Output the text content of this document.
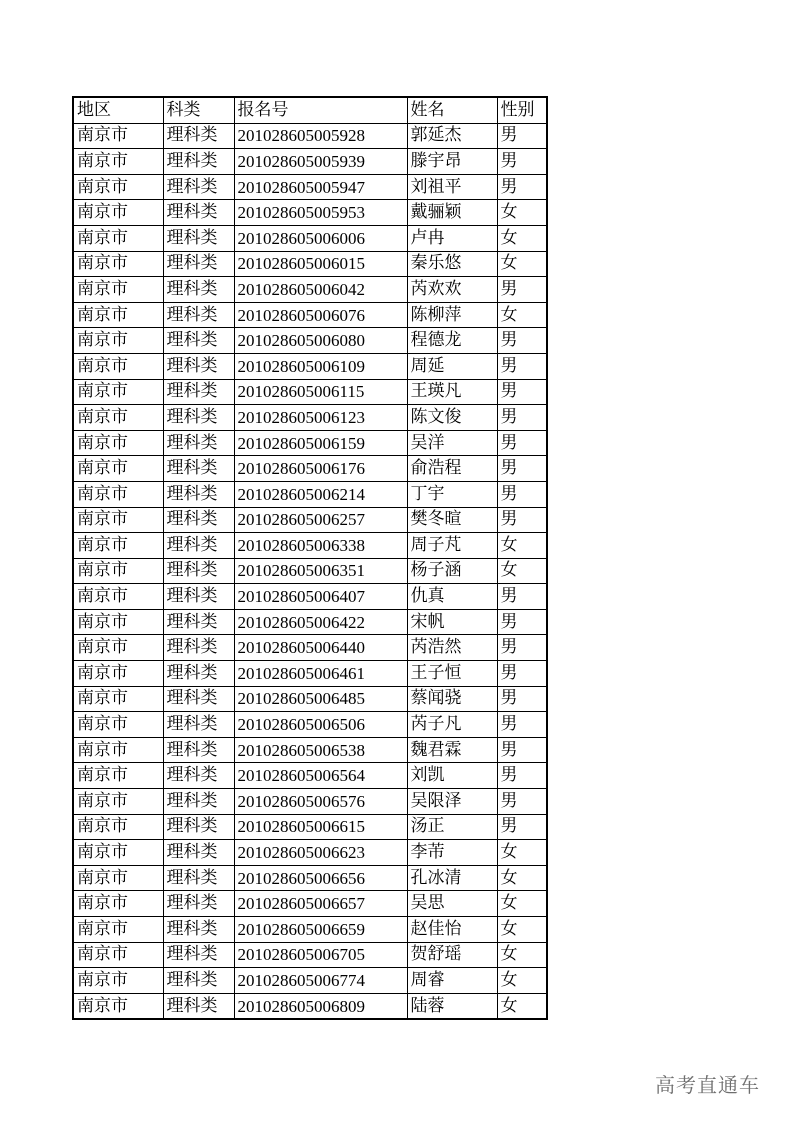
地区	科类	报名号	姓名	性别
南京市	理科类	201028605005928	郭延杰	男
南京市	理科类	201028605005939	滕宇昂	男
南京市	理科类	201028605005947	刘祖平	男
南京市	理科类	201028605005953	戴骊颖	女
南京市	理科类	201028605006006	卢冉	女
南京市	理科类	201028605006015	秦乐悠	女
南京市	理科类	201028605006042	芮欢欢	男
南京市	理科类	201028605006076	陈柳萍	女
南京市	理科类	201028605006080	程德龙	男
南京市	理科类	201028605006109	周延	男
南京市	理科类	201028605006115	王瑛凡	男
南京市	理科类	201028605006123	陈文俊	男
南京市	理科类	201028605006159	吴洋	男
南京市	理科类	201028605006176	俞浩程	男
南京市	理科类	201028605006214	丁宇	男
南京市	理科类	201028605006257	樊冬暄	男
南京市	理科类	201028605006338	周子芃	女
南京市	理科类	201028605006351	杨子涵	女
南京市	理科类	201028605006407	仇真	男
南京市	理科类	201028605006422	宋帆	男
南京市	理科类	201028605006440	芮浩然	男
南京市	理科类	201028605006461	王子恒	男
南京市	理科类	201028605006485	蔡闻骁	男
南京市	理科类	201028605006506	芮子凡	男
南京市	理科类	201028605006538	魏君霖	男
南京市	理科类	201028605006564	刘凯	男
南京市	理科类	201028605006576	吴限泽	男
南京市	理科类	201028605006615	汤正	男
南京市	理科类	201028605006623	李芾	女
南京市	理科类	201028605006656	孔冰清	女
南京市	理科类	201028605006657	吴思	女
南京市	理科类	201028605006659	赵佳怡	女
南京市	理科类	201028605006705	贺舒瑶	女
南京市	理科类	201028605006774	周睿	女
南京市	理科类	201028605006809	陆蓉	女
高考直通车
